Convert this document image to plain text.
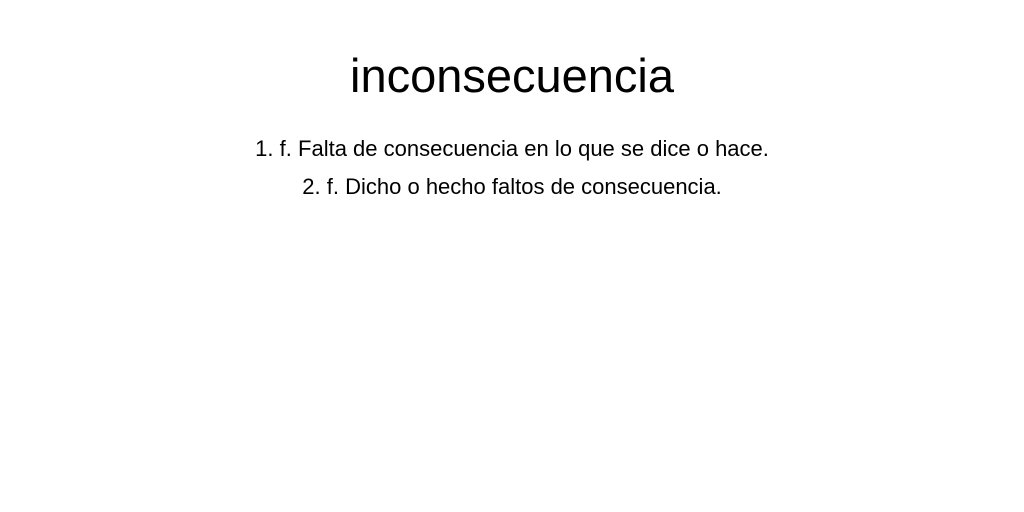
inconsecuencia
1. f. Falta de consecuencia en lo que se dice o hace.
2. f. Dicho o hecho faltos de consecuencia.
